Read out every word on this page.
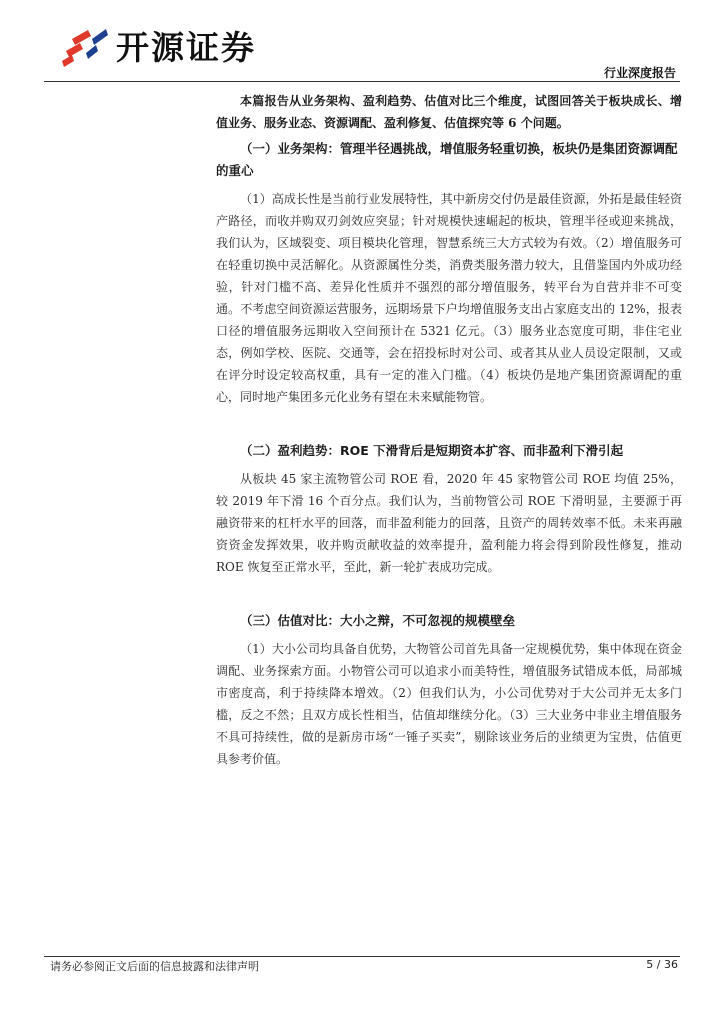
开源证券
行业深度报告

本篇报告从业务架构、盈利趋势、估值对比三个维度，试图回答关于板块成长、增值业务、服务业态、资源调配、盈利修复、估值探究等 6 个问题。

（一）业务架构：管理半径遇挑战，增值服务轻重切换，板块仍是集团资源调配的重心

（1）高成长性是当前行业发展特性，其中新房交付仍是最佳资源，外拓是最佳轻资产路径，而收并购双刃剑效应突显；针对规模快速崛起的板块，管理半径或迎来挑战，我们认为，区域裂变、项目模块化管理，智慧系统三大方式较为有效。（2）增值服务可在轻重切换中灵活解化。从资源属性分类，消费类服务潜力较大，且借鉴国内外成功经验，针对门槛不高、差异化性质并不强烈的部分增值服务，转平台为自营并非不可变通。不考虑空间资源运营服务，远期场景下户均增值服务支出占家庭支出的 12%，报表口径的增值服务远期收入空间预计在 5321 亿元。（3）服务业态宽度可期，非住宅业态，例如学校、医院、交通等，会在招投标时对公司、或者其从业人员设定限制，又或在评分时设定较高权重，具有一定的准入门槛。（4）板块仍是地产集团资源调配的重心，同时地产集团多元化业务有望在未来赋能物管。

（二）盈利趋势：ROE 下滑背后是短期资本扩容、而非盈利下滑引起

从板块 45 家主流物管公司 ROE 看，2020 年 45 家物管公司 ROE 均值 25%，较 2019 年下滑 16 个百分点。我们认为，当前物管公司 ROE 下滑明显，主要源于再融资带来的杠杆水平的回落，而非盈利能力的回落，且资产的周转效率不低。未来再融资资金发挥效果，收并购贡献收益的效率提升，盈利能力将会得到阶段性修复，推动 ROE 恢复至正常水平，至此，新一轮扩表成功完成。

（三）估值对比：大小之辩，不可忽视的规模壁垒

（1）大小公司均具备自优势，大物管公司首先具备一定规模优势，集中体现在资金调配、业务探索方面。小物管公司可以追求小而美特性，增值服务试错成本低，局部城市密度高，利于持续降本增效。（2）但我们认为，小公司优势对于大公司并无太多门槛，反之不然；且双方成长性相当，估值却继续分化。（3）三大业务中非业主增值服务不具可持续性，做的是新房市场“一锤子买卖”，剔除该业务后的业绩更为宝贵，估值更具参考价值。

请务必参阅正文后面的信息披露和法律声明	5 / 36
